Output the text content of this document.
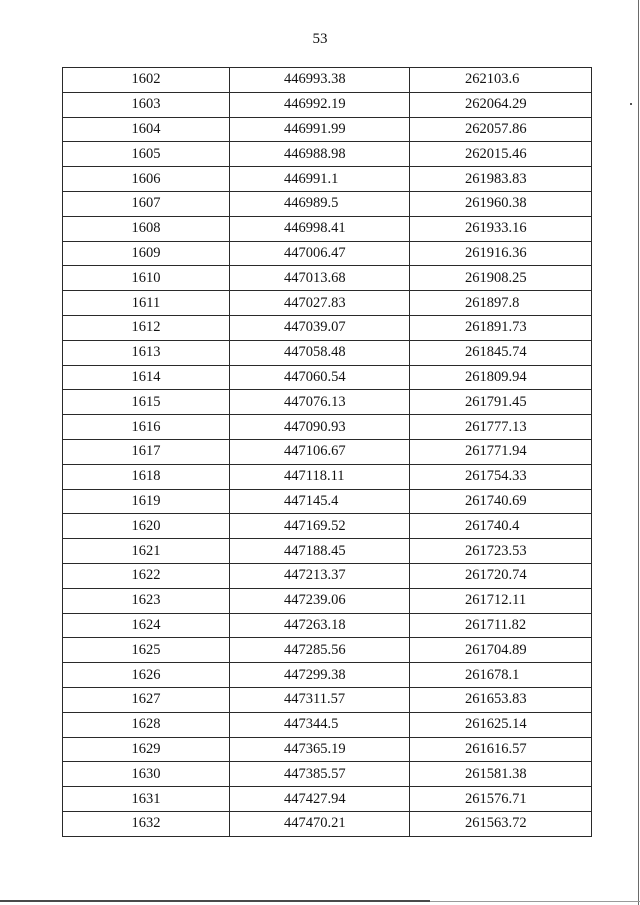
53
1602	446993.38	262103.6
1603	446992.19	262064.29
1604	446991.99	262057.86
1605	446988.98	262015.46
1606	446991.1	261983.83
1607	446989.5	261960.38
1608	446998.41	261933.16
1609	447006.47	261916.36
1610	447013.68	261908.25
1611	447027.83	261897.8
1612	447039.07	261891.73
1613	447058.48	261845.74
1614	447060.54	261809.94
1615	447076.13	261791.45
1616	447090.93	261777.13
1617	447106.67	261771.94
1618	447118.11	261754.33
1619	447145.4	261740.69
1620	447169.52	261740.4
1621	447188.45	261723.53
1622	447213.37	261720.74
1623	447239.06	261712.11
1624	447263.18	261711.82
1625	447285.56	261704.89
1626	447299.38	261678.1
1627	447311.57	261653.83
1628	447344.5	261625.14
1629	447365.19	261616.57
1630	447385.57	261581.38
1631	447427.94	261576.71
1632	447470.21	261563.72
